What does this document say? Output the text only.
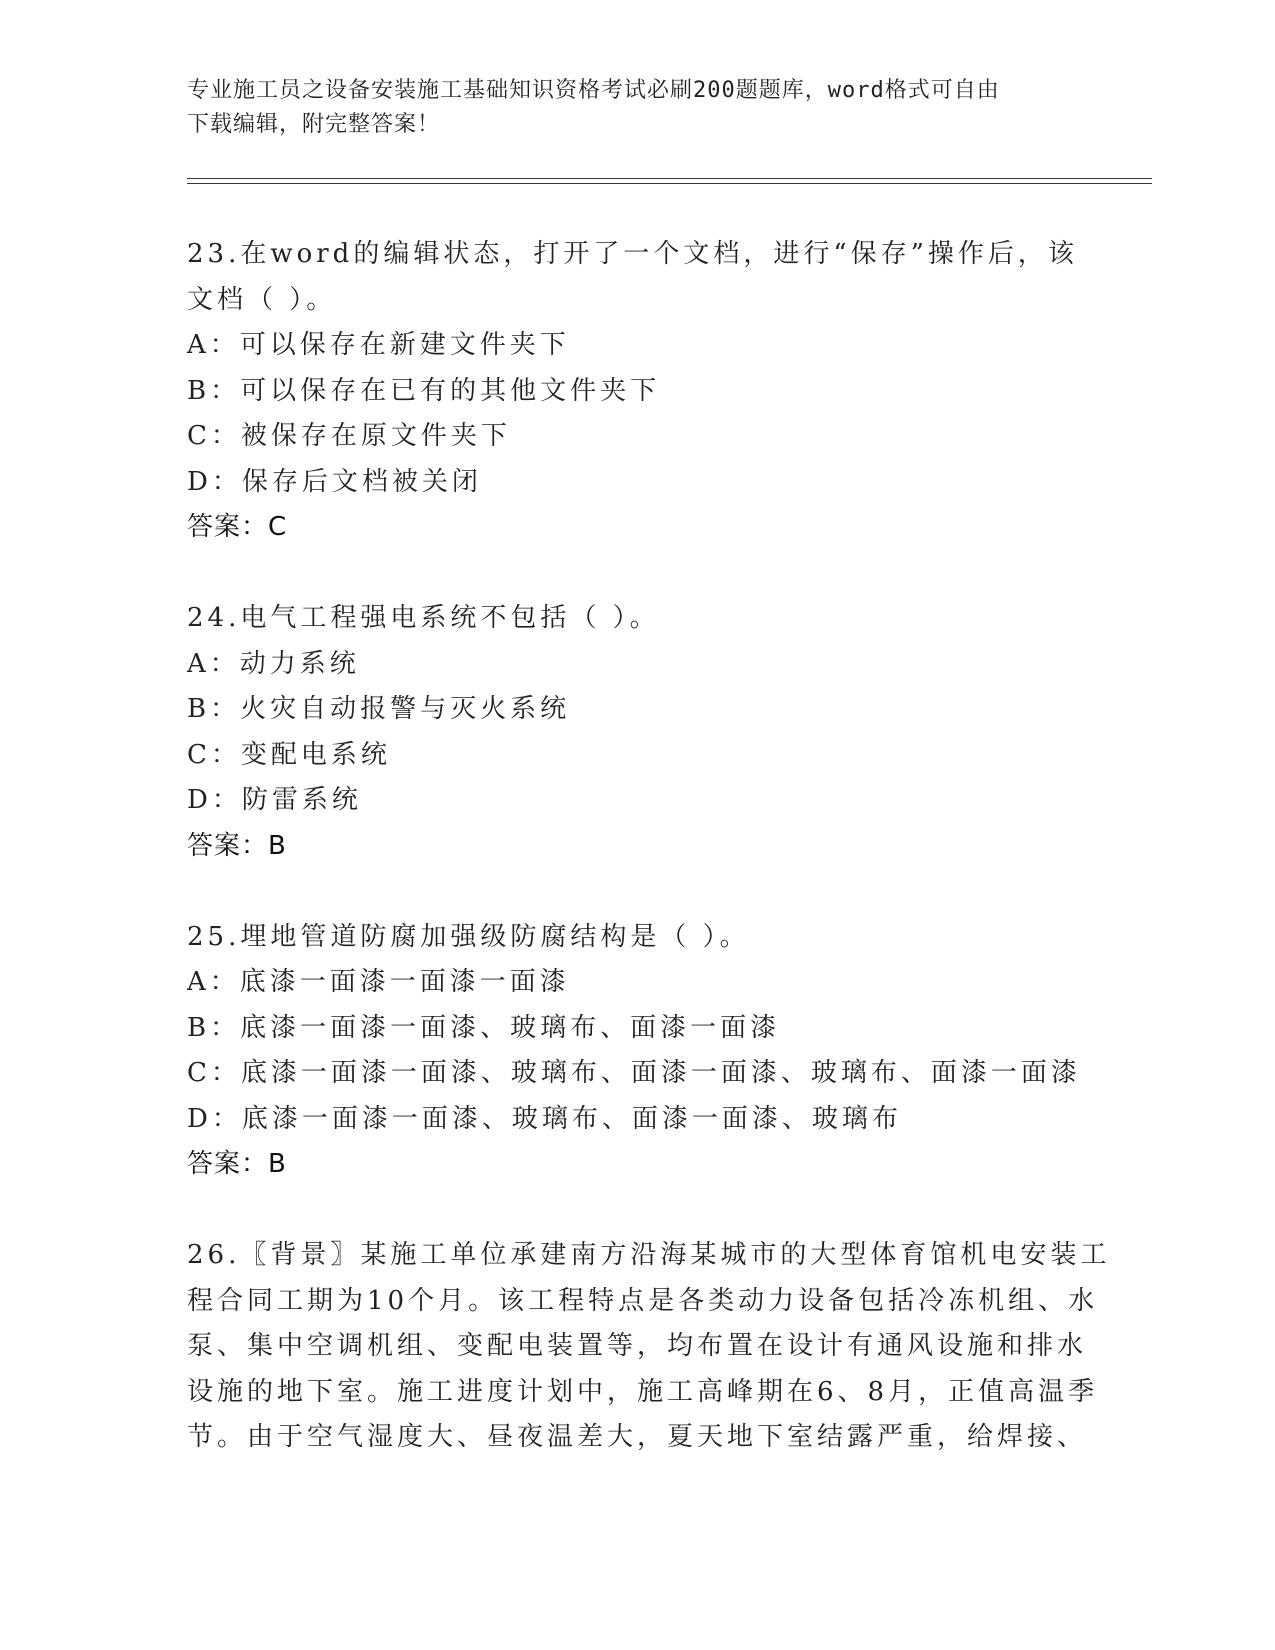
专业施工员之设备安装施工基础知识资格考试必刷200题题库，word格式可自由
下载编辑，附完整答案！
23.在word的编辑状态，打开了一个文档，进行“保存”操作后，该
文档（ ）。
A：可以保存在新建文件夹下
B：可以保存在已有的其他文件夹下
C：被保存在原文件夹下
D：保存后文档被关闭
答案：C
24.电气工程强电系统不包括（ ）。
A：动力系统
B：火灾自动报警与灭火系统
C：变配电系统
D：防雷系统
答案：B
25.埋地管道防腐加强级防腐结构是（ ）。
A：底漆一面漆一面漆一面漆
B：底漆一面漆一面漆、玻璃布、面漆一面漆
C：底漆一面漆一面漆、玻璃布、面漆一面漆、玻璃布、面漆一面漆
D：底漆一面漆一面漆、玻璃布、面漆一面漆、玻璃布
答案：B
26.〖背景〗某施工单位承建南方沿海某城市的大型体育馆机电安装工
程合同工期为10个月。该工程特点是各类动力设备包括冷冻机组、水
泵、集中空调机组、变配电装置等，均布置在设计有通风设施和排水
设施的地下室。施工进度计划中，施工高峰期在6、8月，正值高温季
节。由于空气湿度大、昼夜温差大，夏天地下室结露严重，给焊接、
